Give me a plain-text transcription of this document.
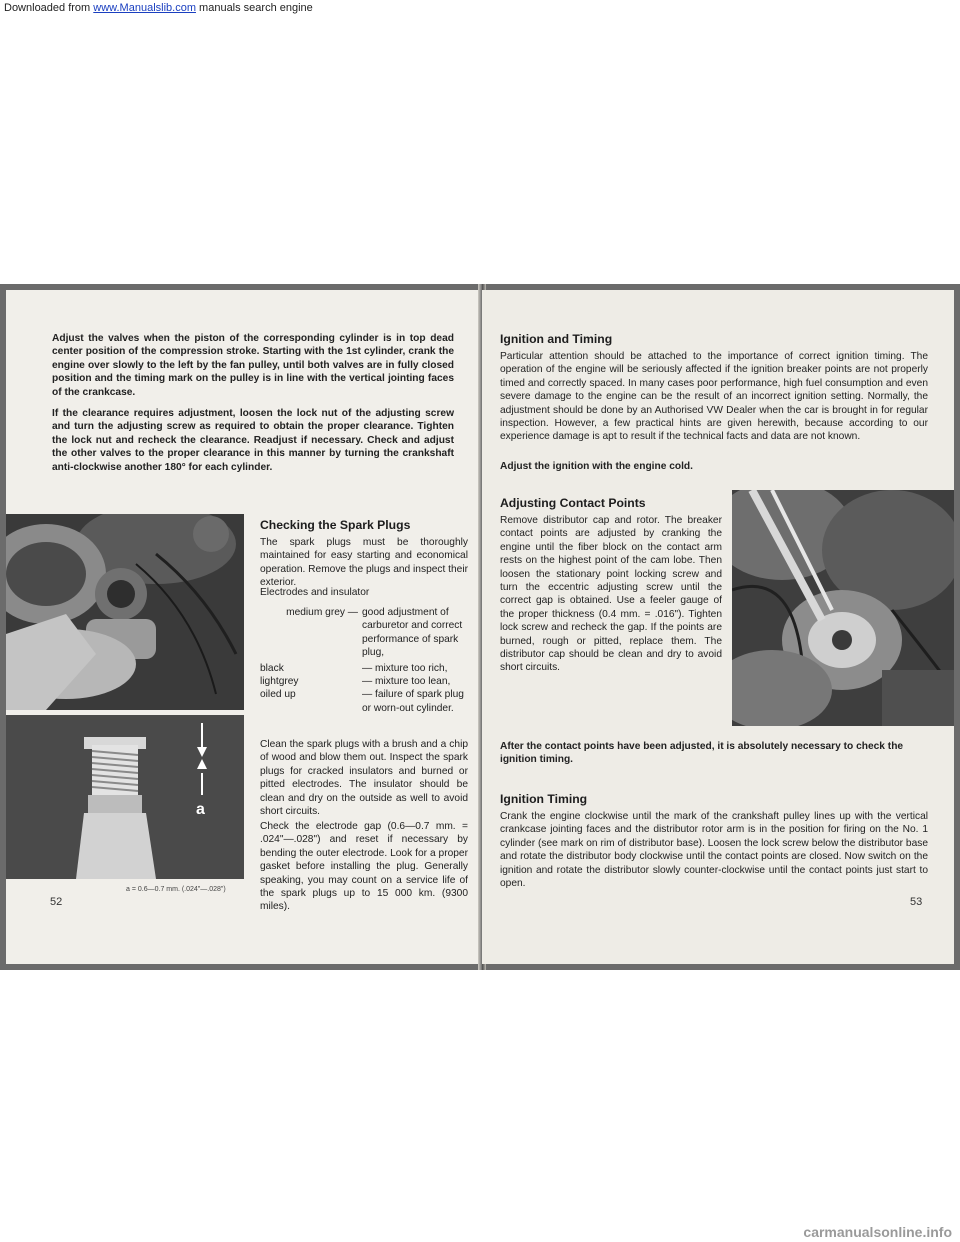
Downloaded from www.Manualslib.com manuals search engine

Adjust the valves when the piston of the corresponding cylinder is in top dead center position of the compression stroke. Starting with the 1st cylinder, crank the engine over slowly to the left by the fan pulley, until both valves are in fully closed position and the timing mark on the pulley is in line with the vertical jointing faces of the crankcase.

If the clearance requires adjustment, loosen the lock nut of the adjusting screw and turn the adjusting screw as required to obtain the proper clearance. Tighten the lock nut and recheck the clearance. Readjust if necessary. Check and adjust the other valves to the proper clearance in this manner by turning the crankshaft anti-clockwise another 180° for each cylinder.

a
Checking the Spark Plugs

The spark plugs must be thoroughly maintained for easy starting and economical operation. Remove the plugs and inspect their exterior.

Electrodes and insulator

medium grey — good adjustment of carburetor and correct performance of spark plug,
black	— mixture too rich,
lightgrey	— mixture too lean,
oiled up	— failure of spark plug or worn-out cylinder.

Clean the spark plugs with a brush and a chip of wood and blow them out. Inspect the spark plugs for cracked insulators and burned or pitted electrodes. The insulator should be clean and dry on the outside as well to avoid short circuits.

Check the electrode gap (0.6—0.7 mm. = .024"—.028") and reset if necessary by bending the outer electrode. Look for a proper gasket before installing the plug. Generally speaking, you may count on a service life of the spark plugs up to 15 000 km. (9300 miles).

a = 0.6—0.7 mm. (.024"—.028")
52
Ignition and Timing

Particular attention should be attached to the importance of correct ignition timing. The operation of the engine will be seriously affected if the ignition breaker points are not properly timed and correctly spaced. In many cases poor performance, high fuel consumption and even severe damage to the engine can be the result of an incorrect ignition setting. Normally, the adjustment should be done by an Authorised VW Dealer when the car is brought in for regular inspection. However, a few practical hints are given herewith, because according to our experience damage is apt to result if the technical facts and data are not known.

Adjust the ignition with the engine cold.

Adjusting Contact Points

Remove distributor cap and rotor. The breaker contact points are adjusted by cranking the engine until the fiber block on the contact arm rests on the highest point of the cam lobe. Then loosen the stationary point locking screw and turn the eccentric adjusting screw until the correct gap is obtained. Use a feeler gauge of the proper thickness (0.4 mm. = .016"). Tighten lock screw and recheck the gap. If the points are burned, rough or pitted, replace them. The distributor cap should be clean and dry to avoid short circuits.

After the contact points have been adjusted, it is absolutely necessary to check the ignition timing.

Ignition Timing

Crank the engine clockwise until the mark of the crankshaft pulley lines up with the vertical crankcase jointing faces and the distributor rotor arm is in the position for firing on the No. 1 cylinder (see mark on rim of distributor base). Loosen the lock screw below the distributor base and rotate the distributor body clockwise until the contact points are closed. Now switch on the ignition and rotate the distributor slowly counter-clockwise until the contact points just start to open.

53
carmanualsonline.info
